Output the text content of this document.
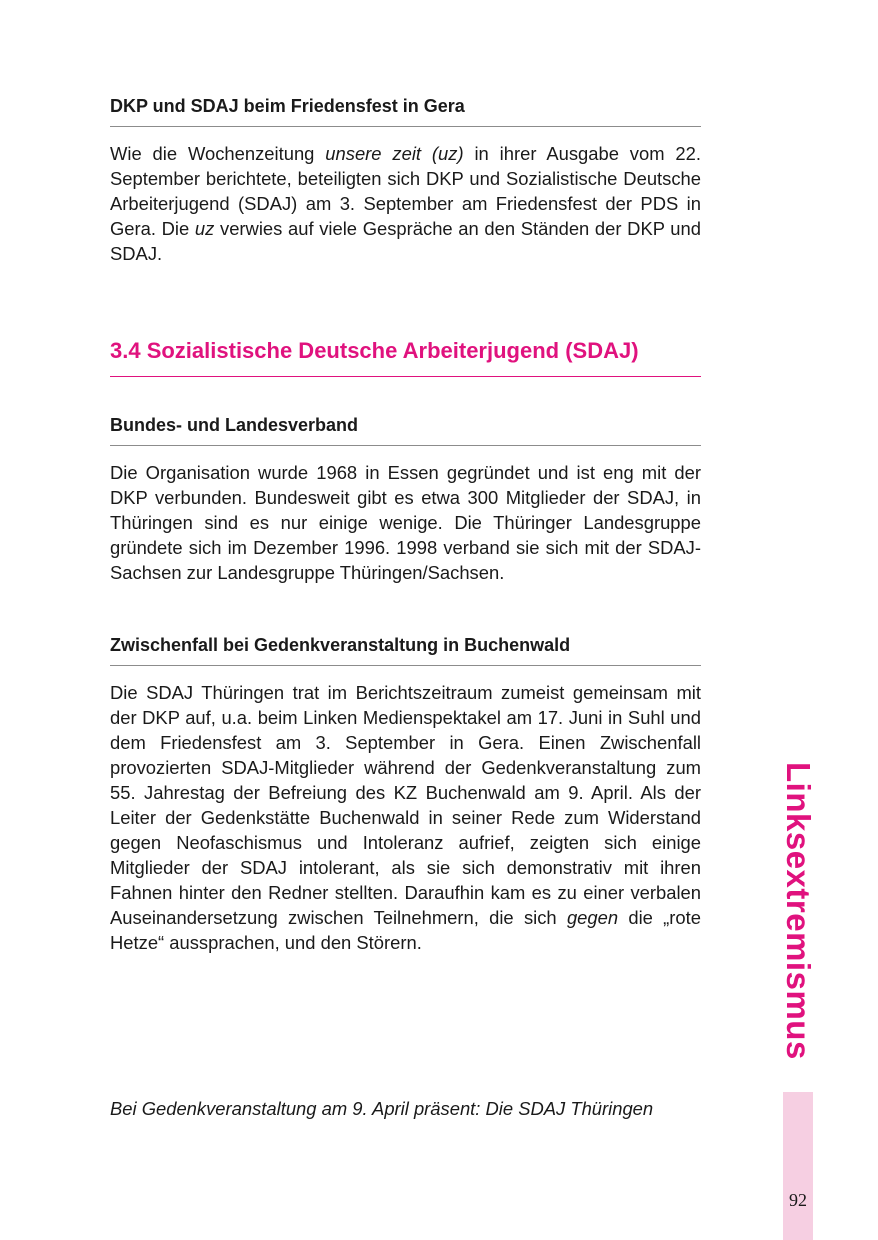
DKP und SDAJ beim Friedensfest in Gera

Wie die Wochenzeitung unsere zeit (uz) in ihrer Ausgabe vom 22. September berichtete, beteiligten sich DKP und Sozialistische Deutsche Arbeiterjugend (SDAJ) am 3. September am Friedensfest der PDS in Gera. Die uz verwies auf viele Gespräche an den Ständen der DKP und SDAJ.

3.4 Sozialistische Deutsche Arbeiterjugend (SDAJ)
Bundes- und Landesverband

Die Organisation wurde 1968 in Essen gegründet und ist eng mit der DKP verbunden. Bundesweit gibt es etwa 300 Mitglieder der SDAJ, in Thüringen sind es nur einige wenige. Die Thüringer Landesgruppe gründete sich im Dezember 1996. 1998 verband sie sich mit der SDAJ-Sachsen zur Landesgruppe Thüringen/Sachsen.

Zwischenfall bei Gedenkveranstaltung in Buchenwald

Die SDAJ Thüringen trat im Berichtszeitraum zumeist gemeinsam mit der DKP auf, u.a. beim Linken Medienspektakel am 17. Juni in Suhl und dem Friedensfest am 3. September in Gera. Einen Zwischenfall provozierten SDAJ-Mitglieder während der Gedenkveranstaltung zum 55. Jahrestag der Befreiung des KZ Buchenwald am 9. April. Als der Leiter der Gedenkstätte Buchenwald in seiner Rede zum Widerstand gegen Neofaschismus und Intoleranz aufrief, zeigten sich einige Mitglieder der SDAJ intolerant, als sie sich demonstrativ mit ihren Fahnen hinter den Redner stellten. Daraufhin kam es zu einer verbalen Auseinandersetzung zwischen Teilnehmern, die sich gegen die „rote Hetze“ aussprachen, und den Störern.

Bei Gedenkveranstaltung am 9. April präsent: Die SDAJ Thüringen

Linksextremismus
92
